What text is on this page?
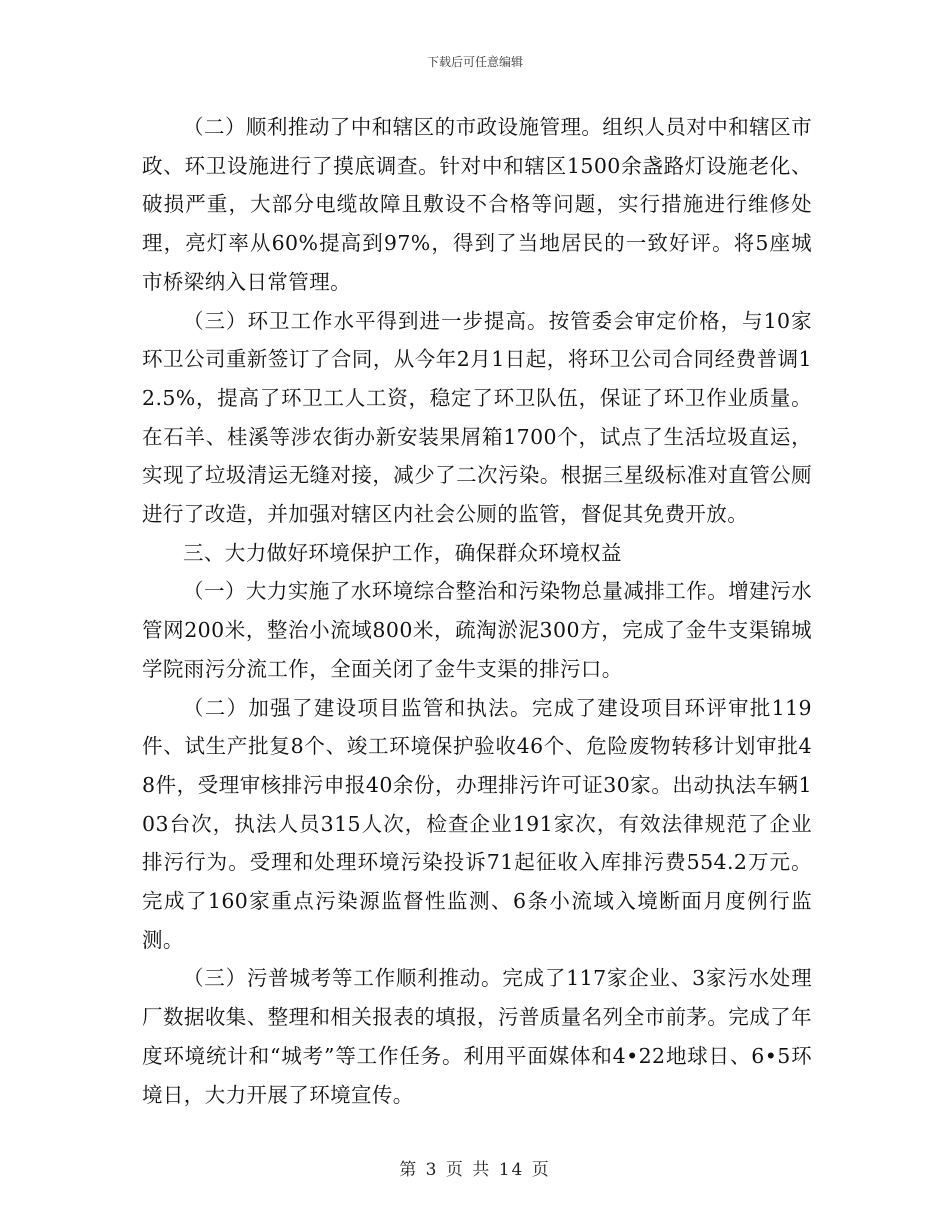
下载后可任意编辑

（二）顺利推动了中和辖区的市政设施管理。组织人员对中和辖区市政、环卫设施进行了摸底调查。针对中和辖区1500余盏路灯设施老化、破损严重，大部分电缆故障且敷设不合格等问题，实行措施进行维修处理，亮灯率从60%提高到97%，得到了当地居民的一致好评。将5座城市桥梁纳入日常管理。

（三）环卫工作水平得到进一步提高。按管委会审定价格，与10家环卫公司重新签订了合同，从今年2月1日起，将环卫公司合同经费普调12.5%，提高了环卫工人工资，稳定了环卫队伍，保证了环卫作业质量。在石羊、桂溪等涉农街办新安装果屑箱1700个，试点了生活垃圾直运，实现了垃圾清运无缝对接，减少了二次污染。根据三星级标准对直管公厕进行了改造，并加强对辖区内社会公厕的监管，督促其免费开放。

三、大力做好环境保护工作，确保群众环境权益

（一）大力实施了水环境综合整治和污染物总量减排工作。增建污水管网200米，整治小流域800米，疏淘淤泥300方，完成了金牛支渠锦城学院雨污分流工作，全面关闭了金牛支渠的排污口。

（二）加强了建设项目监管和执法。完成了建设项目环评审批119件、试生产批复8个、竣工环境保护验收46个、危险废物转移计划审批48件，受理审核排污申报40余份，办理排污许可证30家。出动执法车辆103台次，执法人员315人次，检查企业191家次，有效法律规范了企业排污行为。受理和处理环境污染投诉71起征收入库排污费554.2万元。完成了160家重点污染源监督性监测、6条小流域入境断面月度例行监测。

（三）污普城考等工作顺利推动。完成了117家企业、3家污水处理厂数据收集、整理和相关报表的填报，污普质量名列全市前茅。完成了年度环境统计和“城考”等工作任务。利用平面媒体和4•22地球日、6•5环境日，大力开展了环境宣传。

第 3 页 共 14 页
